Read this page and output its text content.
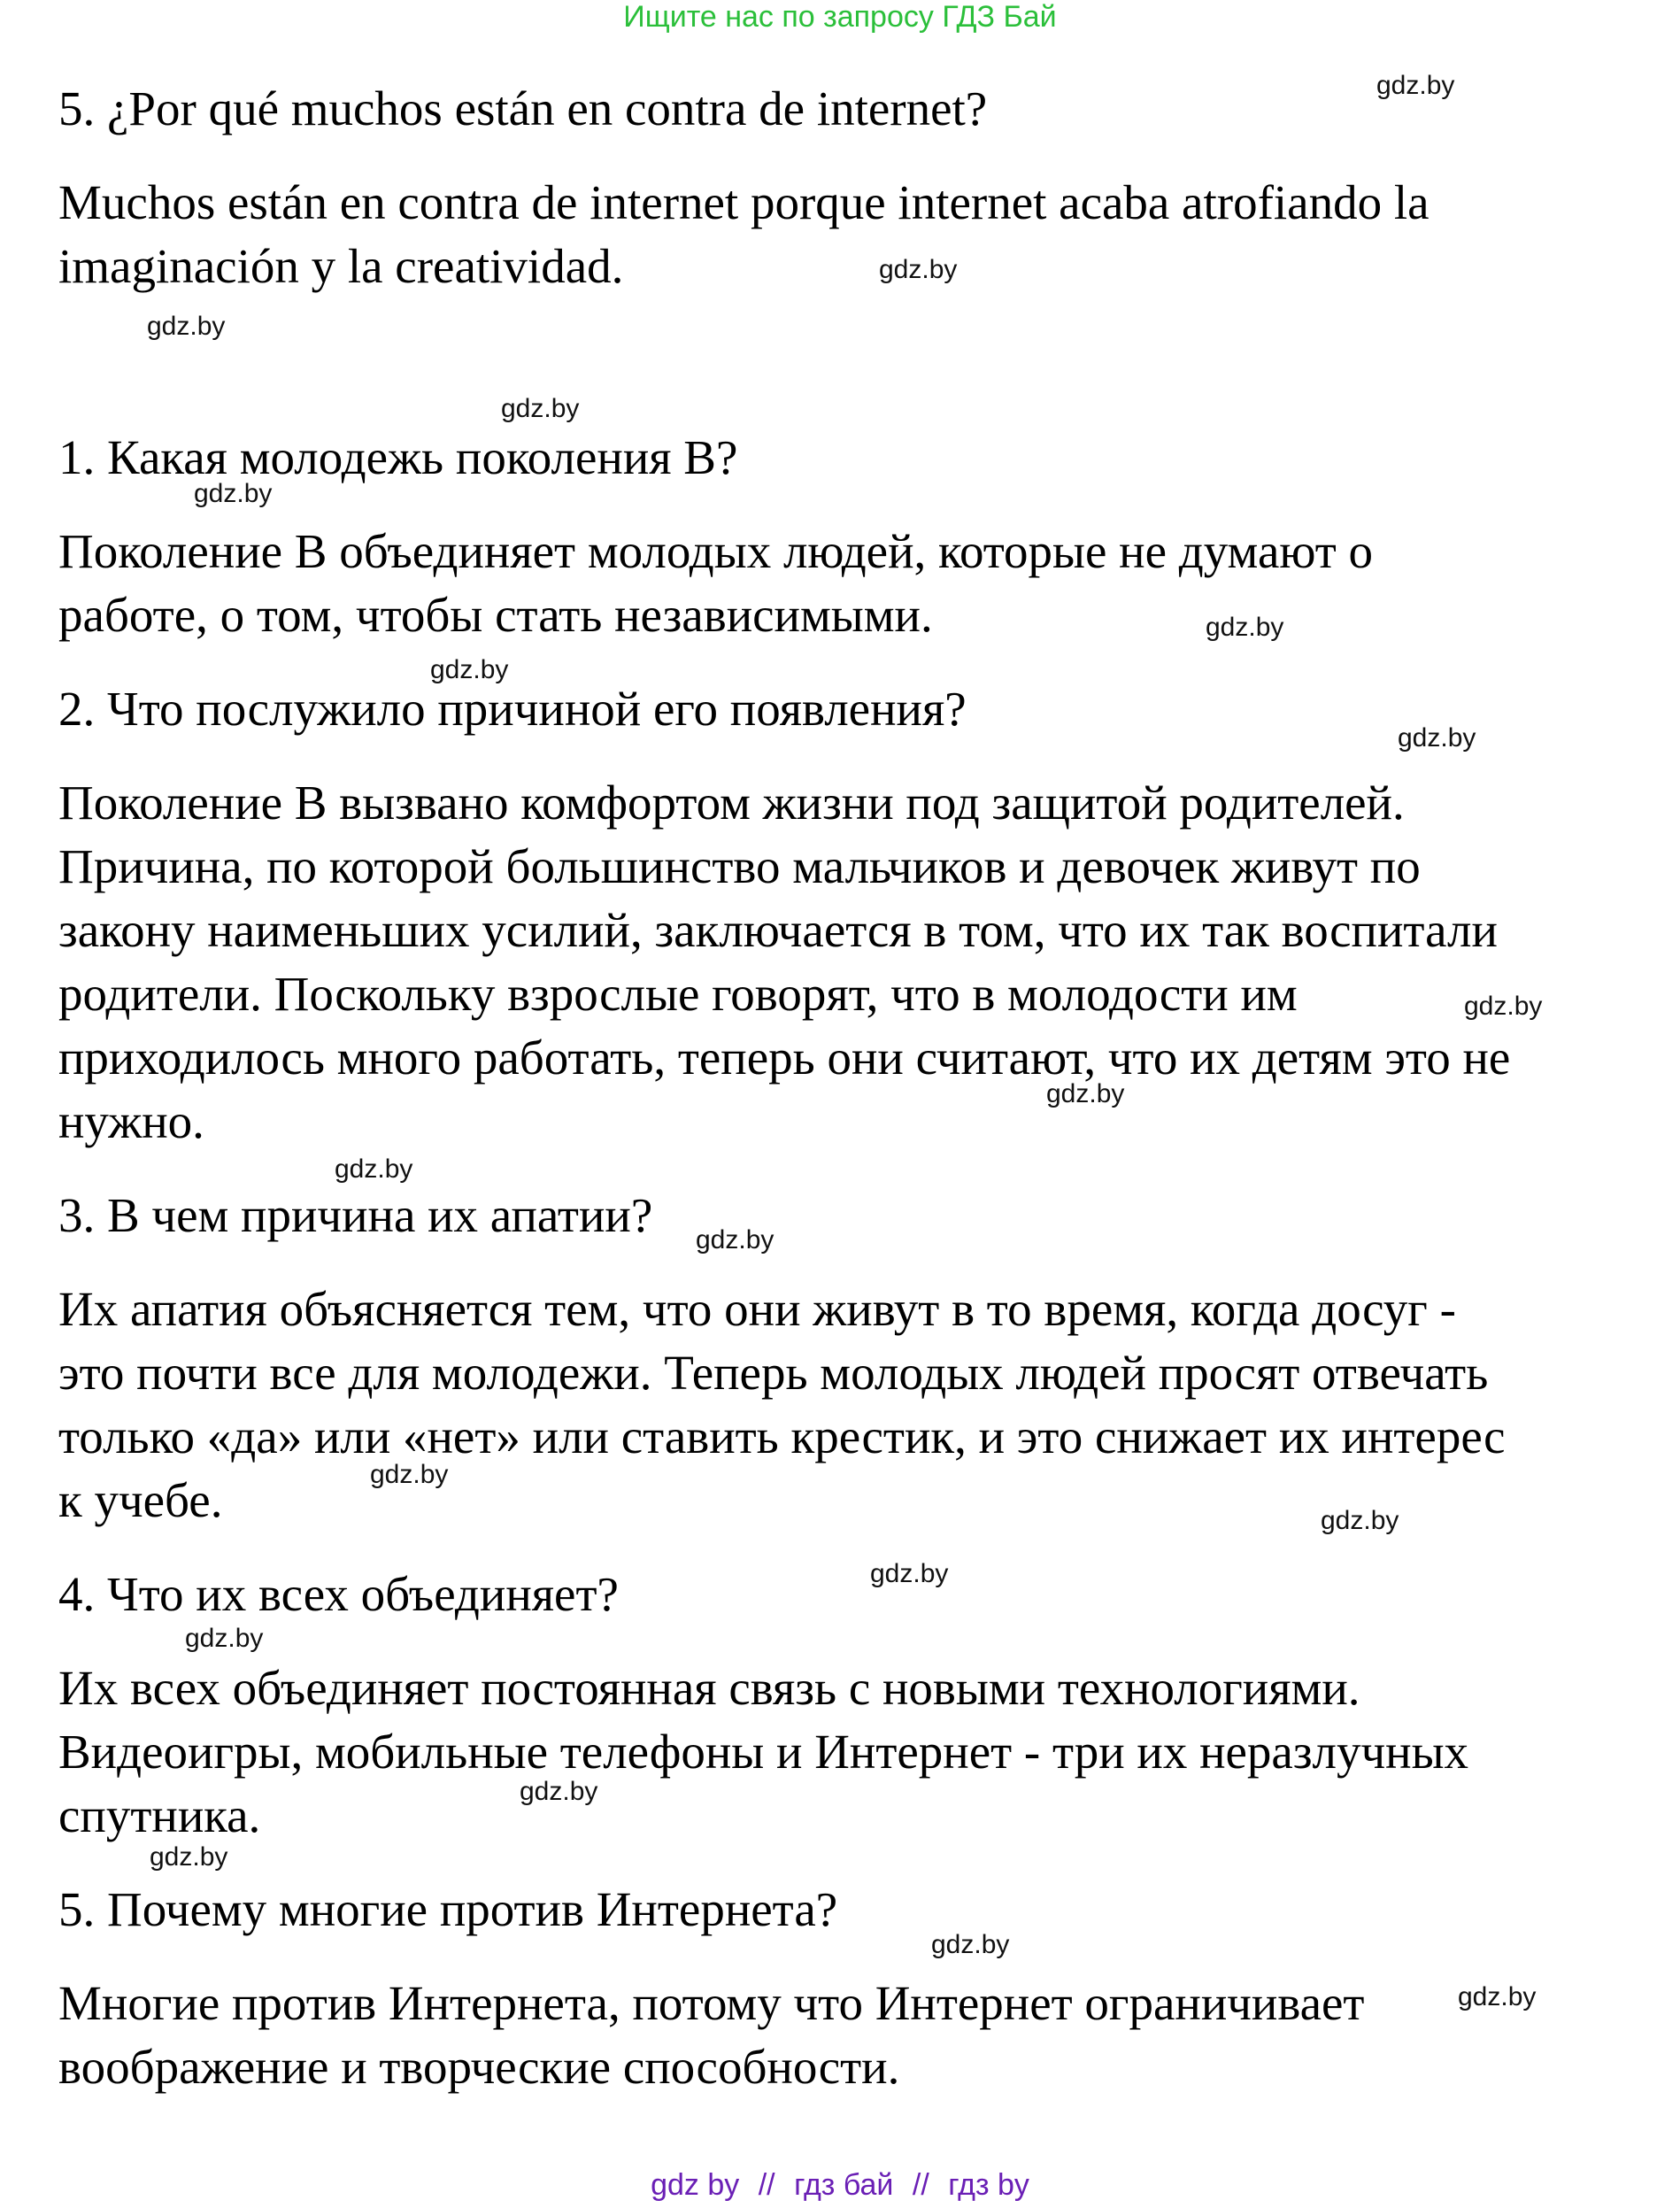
Ищите нас по запросу ГДЗ Бай
5. ¿Por qué muchos están en contra de internet?
Muchos están en contra de internet porque internet acaba atrofiando la
imaginación y la creatividad.
1. Какая молодежь поколения В?
Поколение В объединяет молодых людей, которые не думают о
работе, о том, чтобы стать независимыми.
2. Что послужило причиной его появления?
Поколение В вызвано комфортом жизни под защитой родителей.
Причина, по которой большинство мальчиков и девочек живут по
закону наименьших усилий, заключается в том, что их так воспитали
родители. Поскольку взрослые говорят, что в молодости им
приходилось много работать, теперь они считают, что их детям это не
нужно.
3. В чем причина их апатии?
Их апатия объясняется тем, что они живут в то время, когда досуг -
это почти все для молодежи. Теперь молодых людей просят отвечать
только «да» или «нет» или ставить крестик, и это снижает их интерес
к учебе.
4. Что их всех объединяет?
Их всех объединяет постоянная связь с новыми технологиями.
Видеоигры, мобильные телефоны и Интернет - три их неразлучных
спутника.
5. Почему многие против Интернета?
Многие против Интернета, потому что Интернет ограничивает
воображение и творческие способности.
gdz.by
gdz.by
gdz.by
gdz.by
gdz.by
gdz.by
gdz.by
gdz.by
gdz.by
gdz.by
gdz.by
gdz.by
gdz.by
gdz.by
gdz.by
gdz.by
gdz.by
gdz.by
gdz.by
gdz.by
gdz by // гдз бай // гдз by
